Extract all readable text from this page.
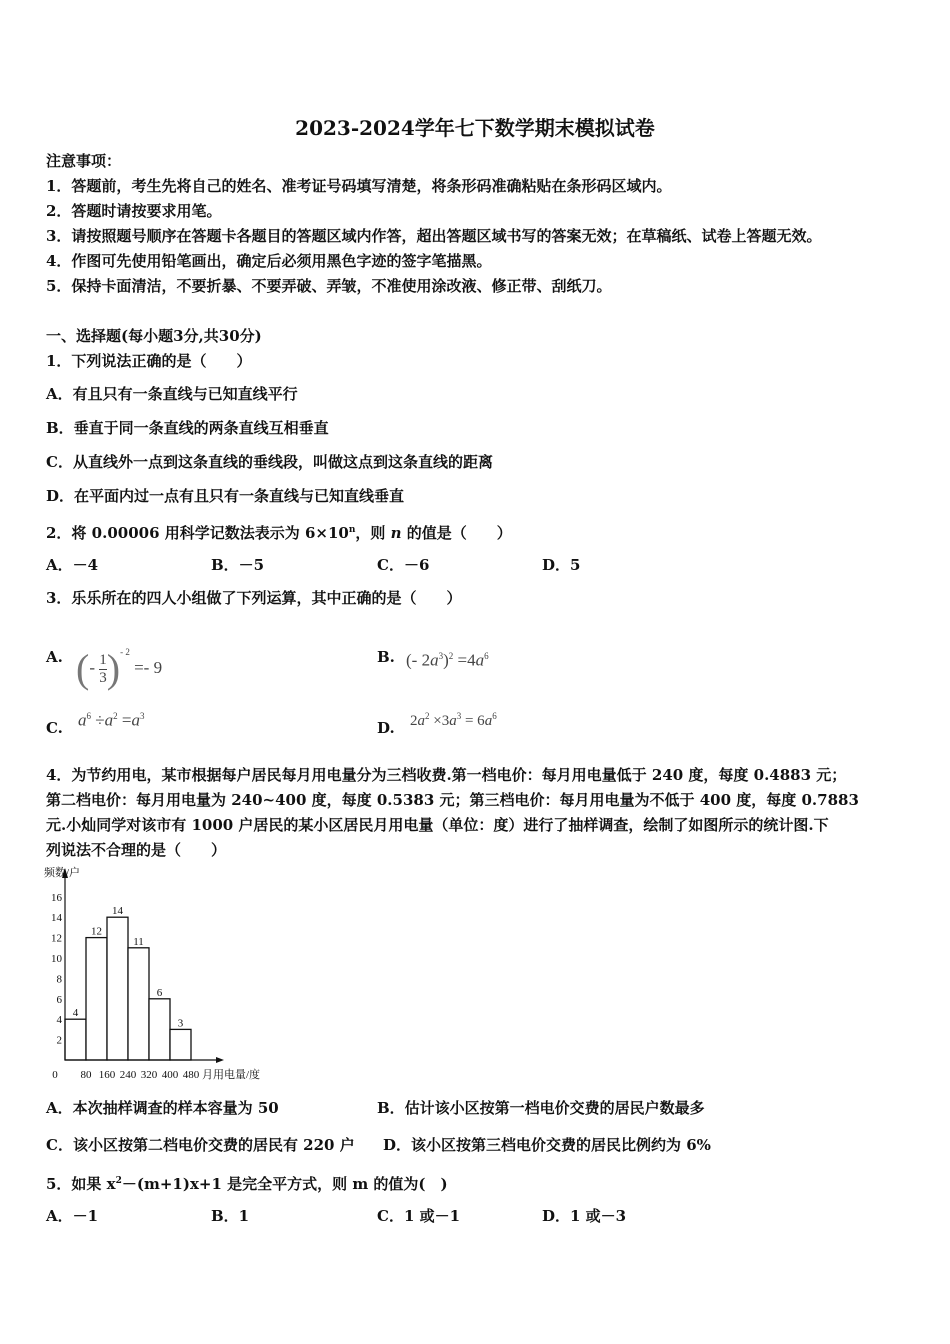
2023-2024学年七下数学期末模拟试卷
注意事项：
1．答题前，考生先将自己的姓名、准考证号码填写清楚，将条形码准确粘贴在条形码区域内。
2．答题时请按要求用笔。
3．请按照题号顺序在答题卡各题目的答题区域内作答，超出答题区域书写的答案无效；在草稿纸、试卷上答题无效。
4．作图可先使用铅笔画出，确定后必须用黑色字迹的签字笔描黑。
5．保持卡面清洁，不要折暴、不要弄破、弄皱，不准使用涂改液、修正带、刮纸刀。
一、选择题(每小题3分,共30分)
1．下列说法正确的是（　　）
A．有且只有一条直线与已知直线平行
B．垂直于同一条直线的两条直线互相垂直
C．从直线外一点到这条直线的垂线段，叫做这点到这条直线的距离
D．在平面内过一点有且只有一条直线与已知直线垂直
2．将 0.00006 用科学记数法表示为 $6\times 10^n$，则 n 的值是（　　）
A．－4	B．－5	C．－6	D．5
3．乐乐所在的四人小组做了下列运算，其中正确的是（　　）
A. (- $\frac{1}{3} )^{- 2} =- 9$
B. (- $2a^3)^2 =4a^6$
C. $a^6 \div a^2 =a^3$
D. $2a^2 \times 3a^3 = 6a^6$
4．为节约用电，某市根据每户居民每月用电量分为三档收费.第一档电价：每月用电量低于 240 度，每度 0.4883 元；
第二档电价：每月用电量为 240~400 度，每度 0.5383 元；第三档电价：每月用电量为不低于 400 度，每度 0.7883
元.小灿同学对该市有 1000 户居民的某小区居民月用电量（单位：度）进行了抽样调查，绘制了如图所示的统计图.下
列说法不合理的是（　　）
4
12
14
11
6
3
2
4
6
8
10
12
14
16
0 80 160 240 320 400 480
频数/户
月用电量/度
A．本次抽样调查的样本容量为 50	B．估计该小区按第一档电价交费的居民户数最多
C．该小区按第二档电价交费的居民有 220 户 D．该小区按第三档电价交费的居民比例约为 6%
5．如果 $x^2-(m+1)x+1$ 是完全平方式，则 m 的值为(　)
A．－1	B．1	C．1 或－1	D．1 或－3
